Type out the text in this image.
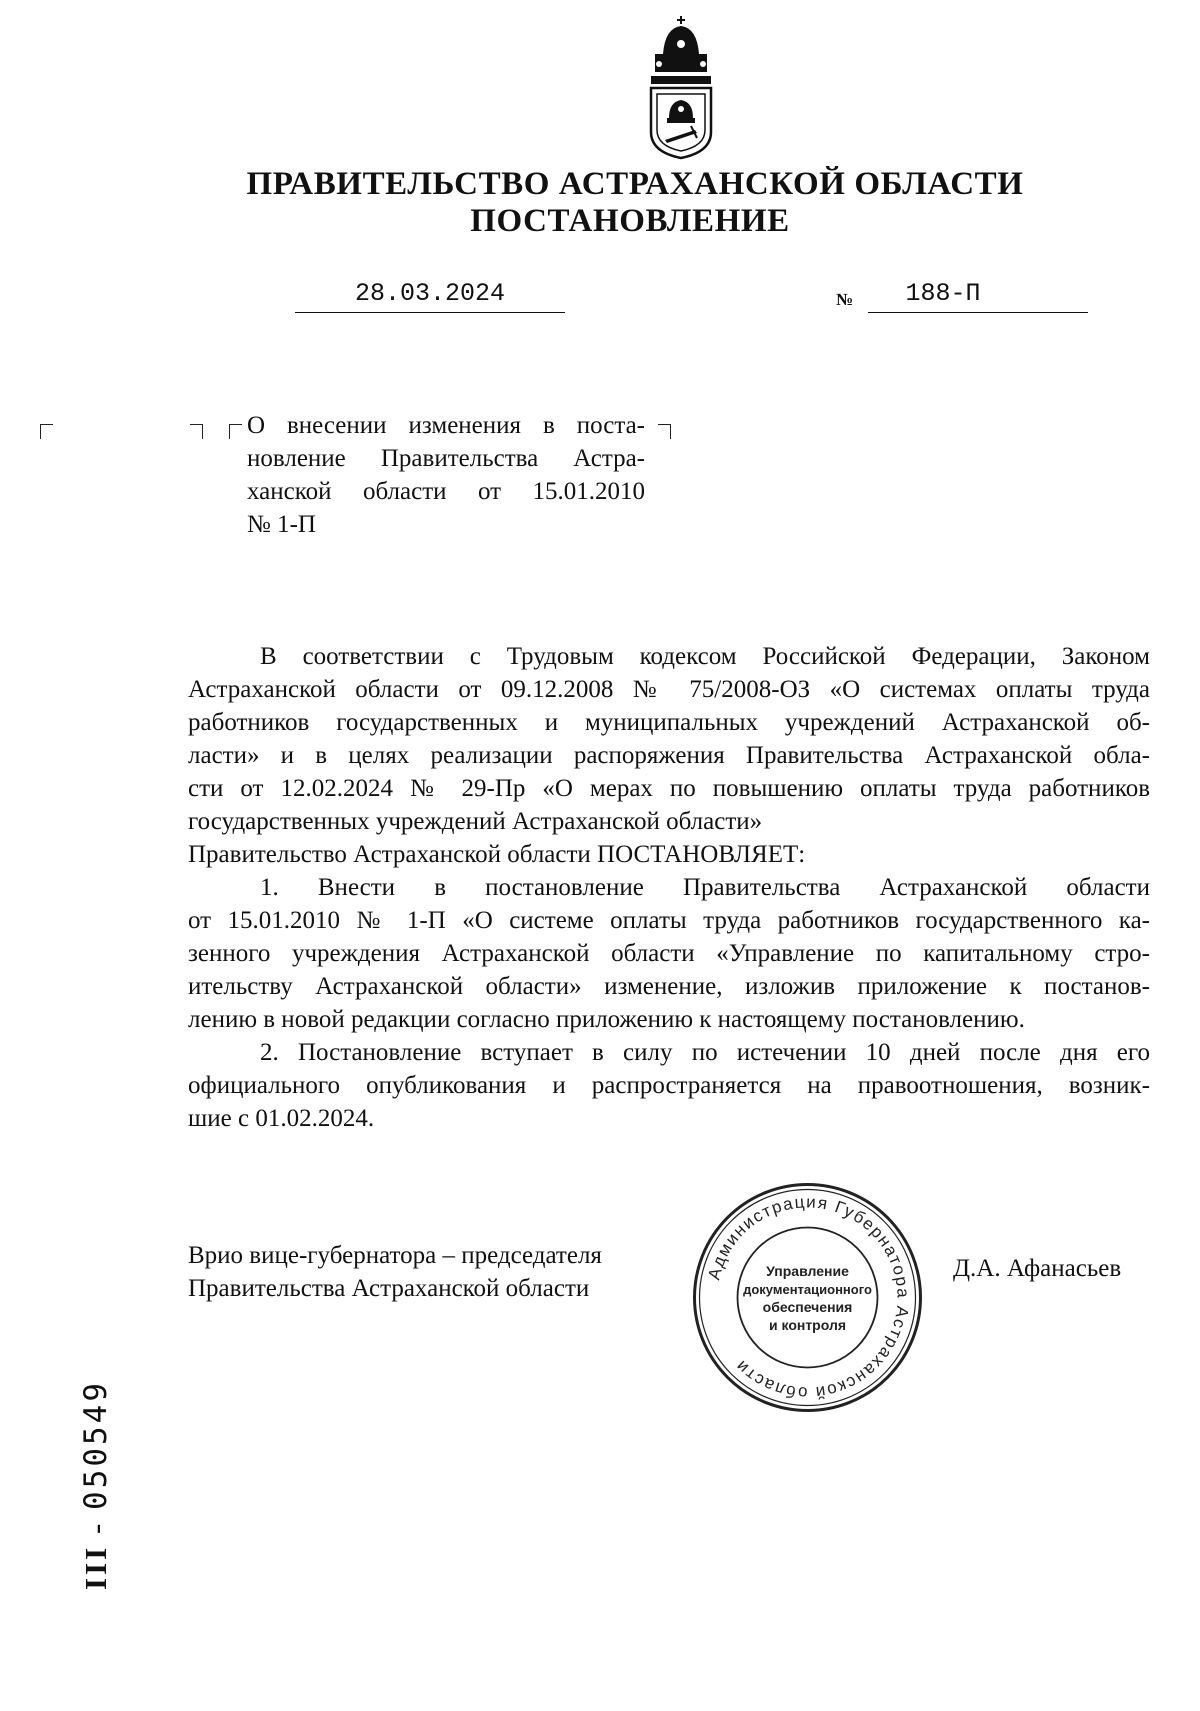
ПРАВИТЕЛЬСТВО АСТРАХАНСКОЙ ОБЛАСТИ
ПОСТАНОВЛЕНИЕ
28.03.2024	№	188-П
О внесении изменения в поста-
новление Правительства Астра-
ханской области от 15.01.2010
№ 1-П
В соответствии с Трудовым кодексом Российской Федерации, Законом
Астраханской области от 09.12.2008 № 75/2008-ОЗ «О системах оплаты труда
работников государственных и муниципальных учреждений Астраханской об-
ласти» и в целях реализации распоряжения Правительства Астраханской обла-
сти от 12.02.2024 № 29-Пр «О мерах по повышению оплаты труда работников
государственных учреждений Астраханской области»
Правительство Астраханской области ПОСТАНОВЛЯЕТ:
1. Внести в постановление Правительства Астраханской области
от 15.01.2010 № 1-П «О системе оплаты труда работников государственного ка-
зенного учреждения Астраханской области «Управление по капитальному стро-
ительству Астраханской области» изменение, изложив приложение к постанов-
лению в новой редакции согласно приложению к настоящему постановлению.
2. Постановление вступает в силу по истечении 10 дней после дня его
официального опубликования и распространяется на правоотношения, возник-
шие с 01.02.2024.
Врио вице-губернатора – председателя
Правительства Астраханской области
Администрация Губернатора Астраханской области
Управление
документационного
обеспечения
и контроля
Д.А. Афанасьев
III - 050549
